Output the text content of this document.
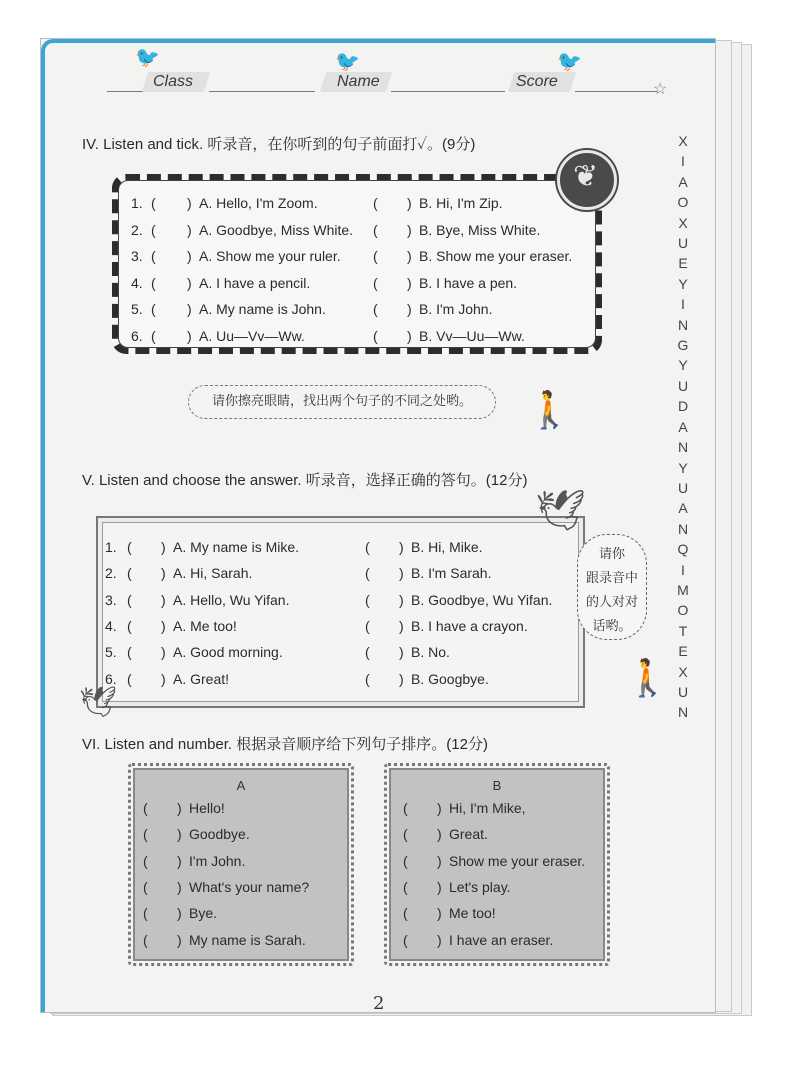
Class
🐦
Name
🐦
Score
🐦
☆
X
I
A
O
X
U
E
Y
I
N
G
Y
U
D
A
N
Y
U
A
N
Q
I
M
O
T
E
X
U
N
IV. Listen and tick. 听录音，在你听到的句子前面打✓。(9分)
❦
1. ( ) A. Hello, I'm Zoom.	( ) B. Hi, I'm Zip.
2. ( ) A. Goodbye, Miss White. ( ) B. Bye, Miss White.
3. ( ) A. Show me your ruler. ( ) B. Show me your eraser.
4. ( ) A. I have a pencil.	( ) B. I have a pen.
5. ( ) A. My name is John.	( ) B. I'm John.
6. ( ) A. Uu—Vv—Ww.	( ) B. Vv—Uu—Ww.
请你擦亮眼睛，找出两个句子的不同之处哟。	🚶
V. Listen and choose the answer. 听录音，选择正确的答句。(12分)
🕊
🕊
1. ( ) A. My name is Mike.	( ) B. Hi, Mike.
2. ( ) A. Hi, Sarah.	( ) B. I'm Sarah.
3. ( ) A. Hello, Wu Yifan.	( ) B. Goodbye, Wu Yifan.
4. ( ) A. Me too!	( ) B. I have a crayon.
5. ( ) A. Good morning.	( ) B. No.
6. ( ) A. Great!	( ) B. Googbye.
请你
跟录音中
的人对对
话哟。
🚶
VI. Listen and number. 根据录音顺序给下列句子排序。(12分)
A	B
( ) Hello!
( ) Goodbye.
( ) I'm John.
( ) What's your name?
( ) Bye.
( ) My name is Sarah.
( ) Hi, I'm Mike,
( ) Great.
( ) Show me your eraser.
( ) Let's play.
( ) Me too!
( ) I have an eraser.
2
